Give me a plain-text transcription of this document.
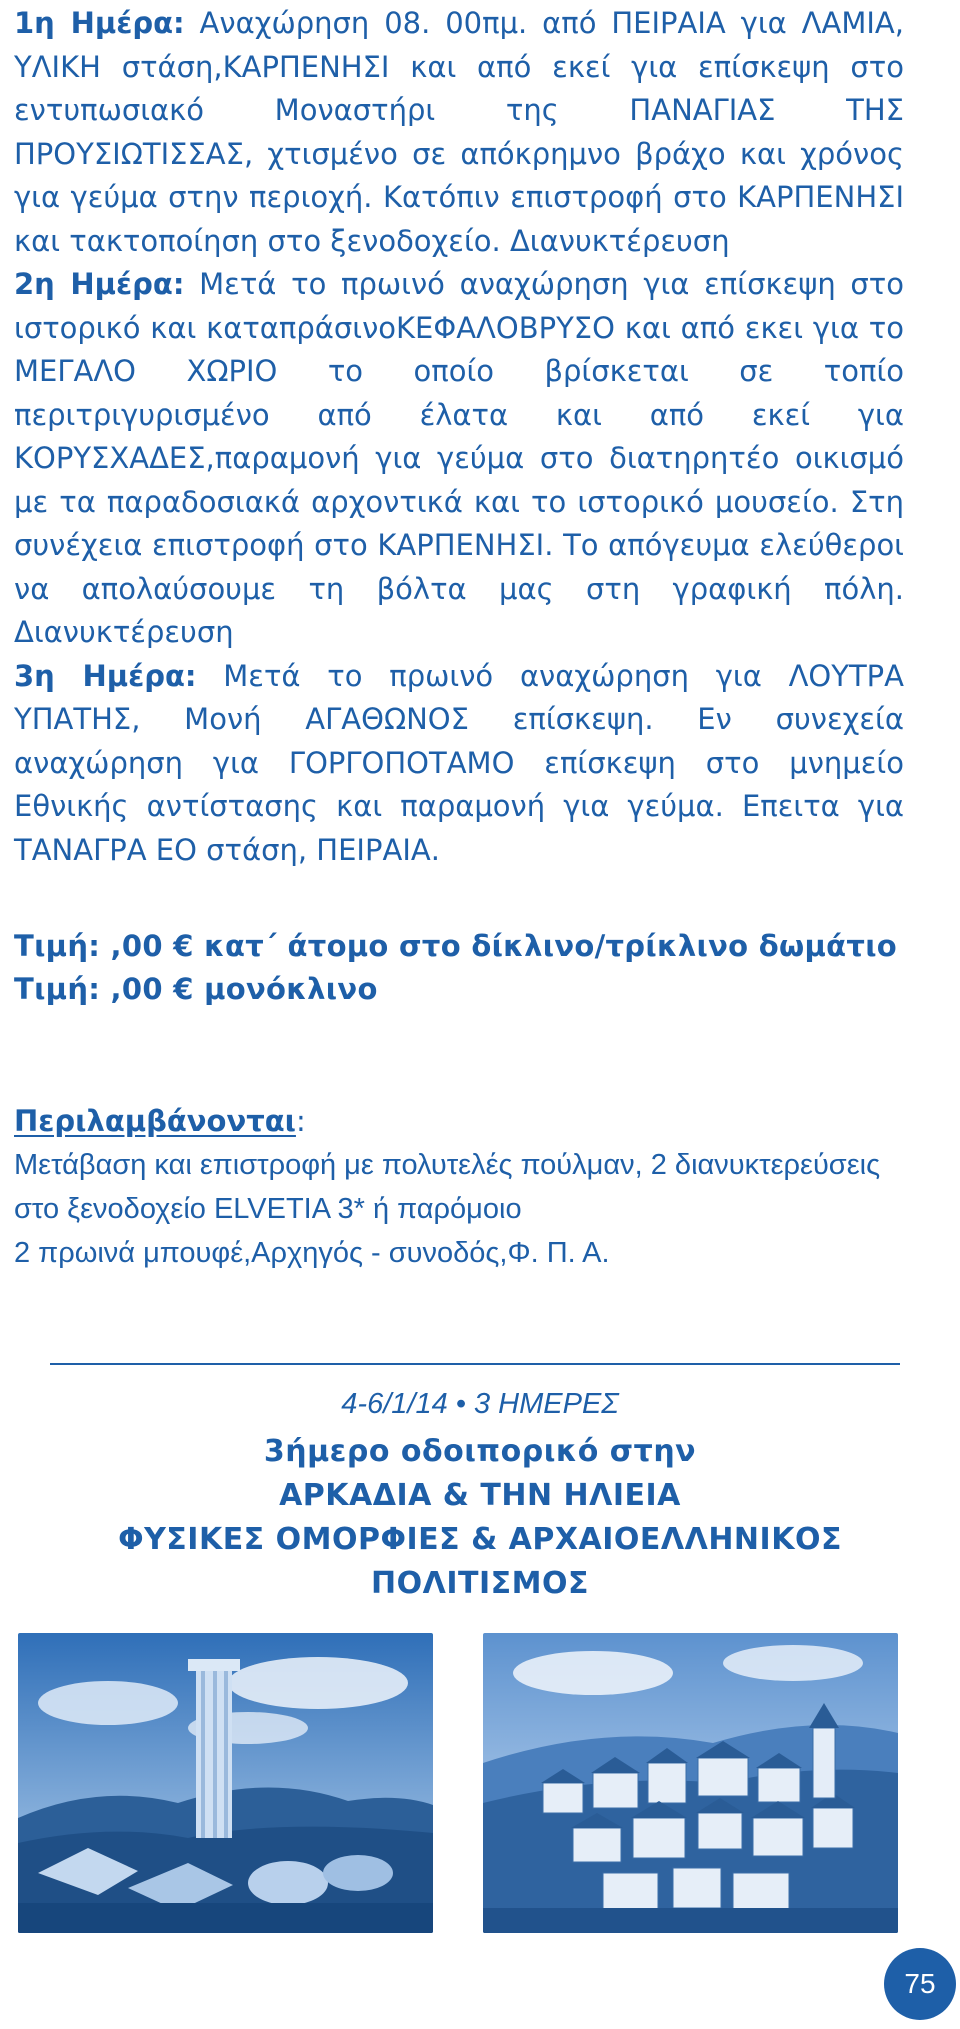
1η Ημέρα: Αναχώρηση 08. 00πμ. από ΠΕΙΡΑΙΑ για ΛΑΜΙΑ, ΥΛΙΚΗ στάση,ΚΑΡΠΕΝΗΣΙ και από εκεί για επίσκεψη στο εντυπωσιακό Μοναστήρι της ΠΑΝΑΓΙΑΣ ΤΗΣ ΠΡΟΥΣΙΩΤΙΣΣΑΣ, χτισμένο σε απόκρημνο βράχο και χρόνος για γεύμα στην περιοχή. Κατόπιν επιστροφή στο ΚΑΡΠΕΝΗΣΙ και τακτοποίηση στο ξενοδοχείο. Διανυκτέρευση

2η Ημέρα: Μετά το πρωινό αναχώρηση για επίσκεψη στο ιστορικό και καταπράσινοΚΕΦΑΛΟΒΡΥΣΟ και από εκει για το ΜΕΓΑΛΟ ΧΩΡΙΟ το οποίο βρίσκεται σε τοπίο περιτριγυρισμένο από έλατα και από εκεί για ΚΟΡΥΣΧΑΔΕΣ,παραμονή για γεύμα στο διατηρητέο οικισμό με τα παραδοσιακά αρχοντικά και το ιστορικό μουσείο. Στη συνέχεια επιστροφή στο ΚΑΡΠΕΝΗΣΙ. Το απόγευμα ελεύθεροι να απολαύσουμε τη βόλτα μας στη γραφική πόλη. Διανυκτέρευση

3η Ημέρα: Μετά το πρωινό αναχώρηση για ΛΟΥΤΡΑ ΥΠΑΤΗΣ, Μονή ΑΓΑΘΩΝΟΣ επίσκεψη. Εν συνεχεία αναχώρηση για ΓΟΡΓΟΠΟΤΑΜΟ επίσκεψη στο μνημείο Εθνικής αντίστασης και παραμονή για γεύμα. Επειτα για ΤΑΝΑΓΡΑ ΕΟ στάση, ΠΕΙΡΑΙΑ.

Τιμή: ,00 € κατ΄ άτομο στο δίκλινο/τρίκλινο δωμάτιο

Τιμή: ,00 € μονόκλινο

Περιλαμβάνονται:

Μετάβαση και επιστροφή με πολυτελές πούλμαν, 2 διανυκτερεύσεις στο ξενοδοχείο ELVETIA 3* ή παρόμοιο

2 πρωινά μπουφέ,Αρχηγός - συνοδός,Φ. Π. Α.

4-6/1/14 • 3 ΗΜΕΡΕΣ

3ήμερο οδοιπορικό στην

ΑΡΚΑΔΙΑ & ΤΗΝ ΗΛΙΕΙΑ

ΦΥΣΙΚΕΣ ΟΜΟΡΦΙΕΣ & ΑΡΧΑΙΟΕΛΛΗΝΙΚΟΣ

ΠΟΛΙΤΙΣΜΟΣ

75
